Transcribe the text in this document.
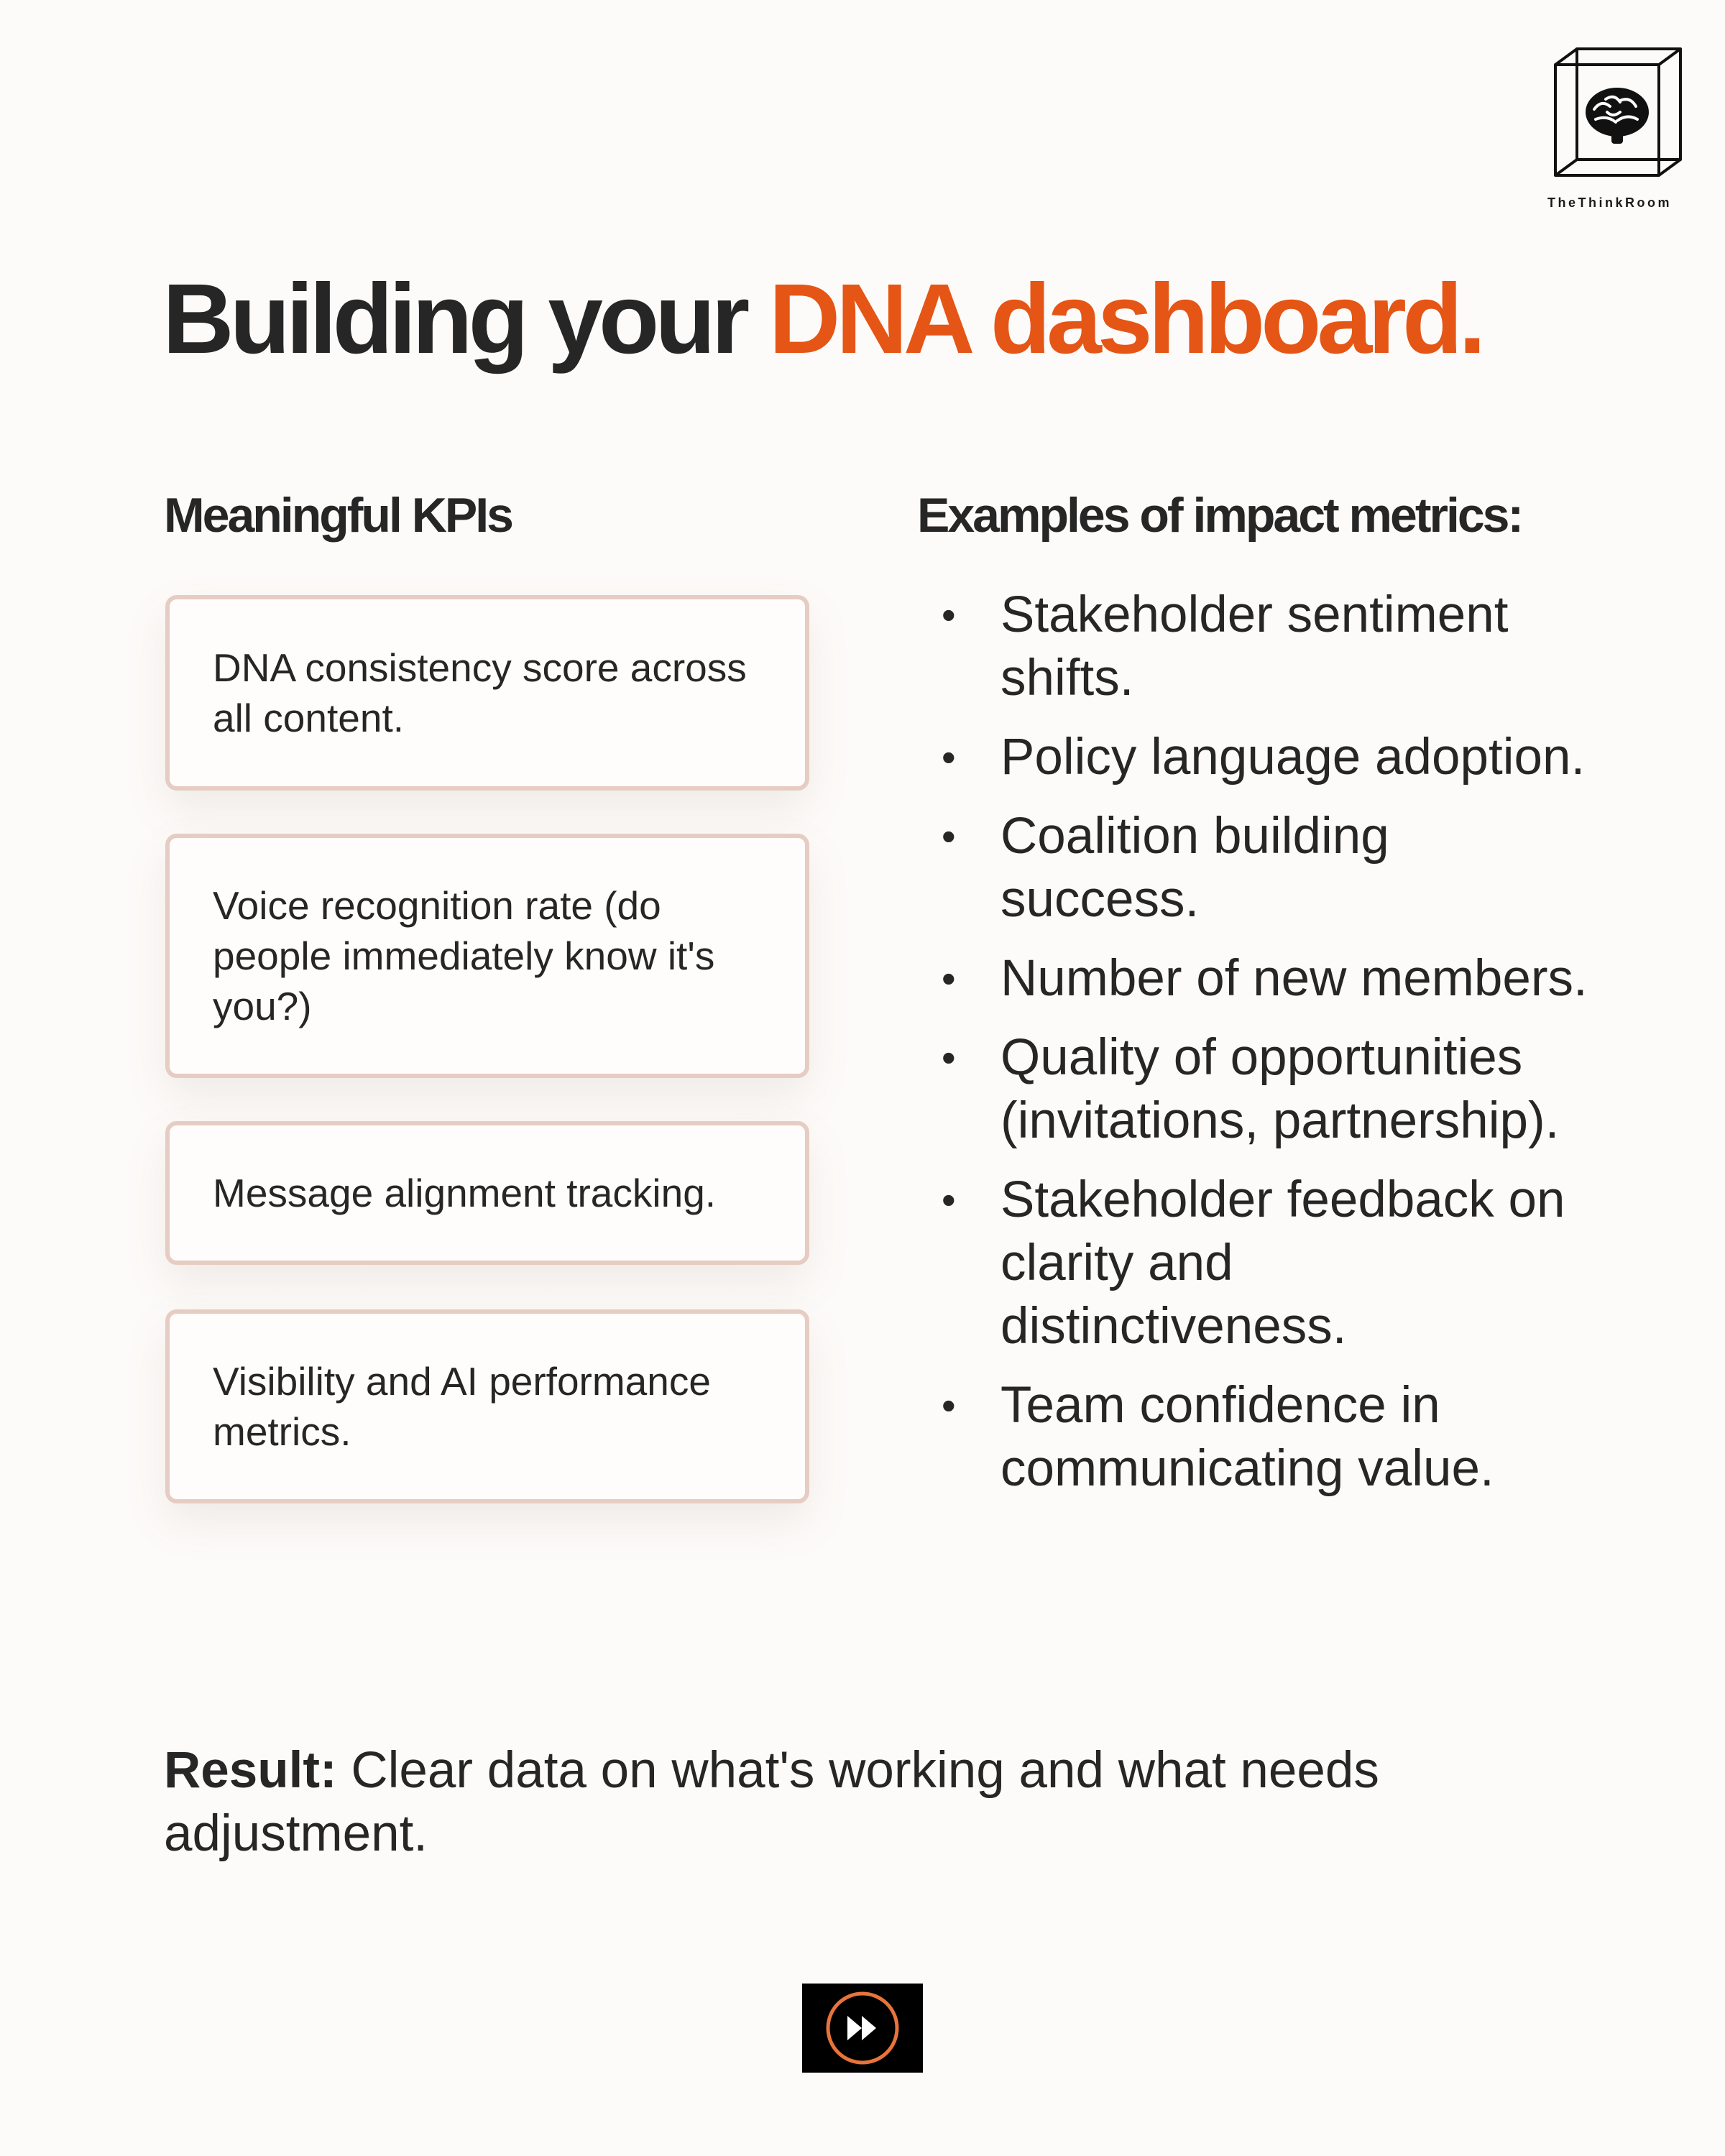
TheThinkRoom
Building your DNA dashboard.
Meaningful KPIs
DNA consistency score across all content.
Voice recognition rate (do people immediately know it's you?)
Message alignment tracking.
Visibility and AI performance metrics.
Examples of impact metrics:
• Stakeholder sentiment shifts.
• Policy language adoption.
• Coalition building success.
• Number of new members.
• Quality of opportunities (invitations, partnership).
• Stakeholder feedback on clarity and distinctiveness.
• Team confidence in communicating value.

Result: Clear data on what's working and what needs adjustment.
